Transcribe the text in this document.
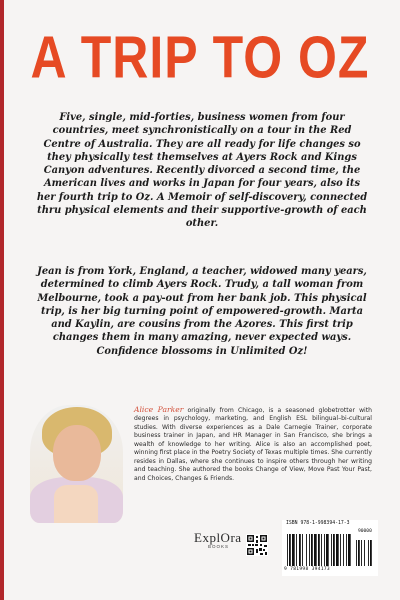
A TRIP TO OZ

Five, single, mid-forties, business women from four countries, meet synchronistically on a tour in the Red Centre of Australia. They are all ready for life changes so they physically test themselves at Ayers Rock and Kings Canyon adventures. Recently divorced a second time, the American lives and works in Japan for four years, also its her fourth trip to Oz. A Memoir of self-discovery, connected thru physical elements and their supportive-growth of each other.

Jean is from York, England, a teacher, widowed many years, determined to climb Ayers Rock. Trudy, a tall woman from Melbourne, took a pay-out from her bank job. This physical trip, is her big turning point of empowered-growth. Marta and Kaylin, are cousins from the Azores. This first trip changes them in many amazing, never expected ways. Confidence blossoms in Unlimited Oz!

Alice Parker originally from Chicago, is a seasoned globetrotter with degrees in psychology, marketing, and English ESL bilingual–bi-cultural studies. With diverse experiences as a Dale Carnegie Trainer, corporate business trainer in Japan, and HR Manager in San Francisco, she brings a wealth of knowledge to her writing. Alice is also an accomplished poet, winning first place in the Poetry Society of Texas multiple times. She currently resides in Dallas, where she continues to inspire others through her writing and teaching. She authored the books Change of View, Move Past Your Past, and Choices, Changes & Friends.

ExplOra
BOOKS
ISBN 978-1-998394-17-3
90000
9 781998 394173
